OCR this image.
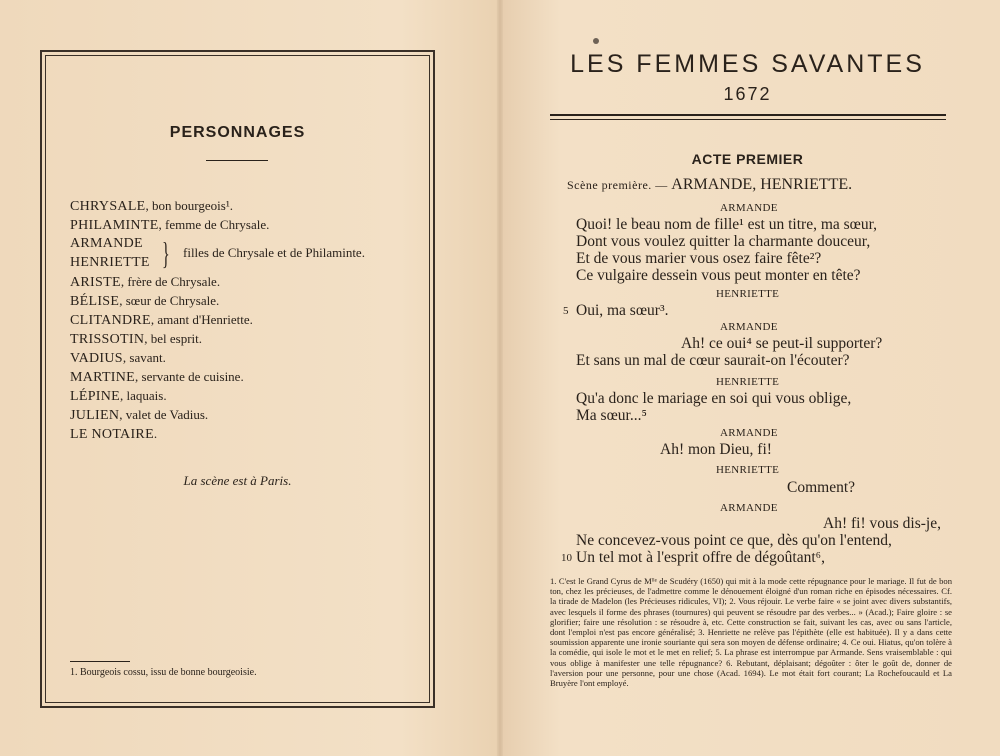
PERSONNAGES
CHRYSALE, bon bourgeois¹.
PHILAMINTE, femme de Chrysale.
ARMANDE
HENRIETTE } filles de Chrysale et de Philaminte.
ARISTE, frère de Chrysale.
BÉLISE, sœur de Chrysale.
CLITANDRE, amant d'Henriette.
TRISSOTIN, bel esprit.
VADIUS, savant.
MARTINE, servante de cuisine.
LÉPINE, laquais.
JULIEN, valet de Vadius.
LE NOTAIRE.
La scène est à Paris.
1. Bourgeois cossu, issu de bonne bourgeoisie.
LES FEMMES SAVANTES
1672
ACTE PREMIER
Scène première. — ARMANDE, HENRIETTE.
ARMANDE
Quoi! le beau nom de fille¹ est un titre, ma sœur,
Dont vous voulez quitter la charmante douceur,
Et de vous marier vous osez faire fête²?
Ce vulgaire dessein vous peut monter en tête?
HENRIETTE
5 Oui, ma sœur³.
ARMANDE
Ah! ce oui⁴ se peut-il supporter?
Et sans un mal de cœur saurait-on l'écouter?
HENRIETTE
Qu'a donc le mariage en soi qui vous oblige,
Ma sœur...⁵
ARMANDE
Ah! mon Dieu, fi!
HENRIETTE
Comment?
ARMANDE
Ah! fi! vous dis-je,
Ne concevez-vous point ce que, dès qu'on l'entend,
10 Un tel mot à l'esprit offre de dégoûtant⁶,

1. C'est le Grand Cyrus de Mˡˡᵉ de Scudéry (1650) qui mit à la mode cette répugnance pour le mariage. Il fut de bon ton, chez les précieuses, de l'admettre comme le dénouement éloigné d'un roman riche en épisodes nécessaires. Cf. la tirade de Madelon (les Précieuses ridicules, VI); 2. Vous réjouir. Le verbe faire « se joint avec divers substantifs, avec lesquels il forme des phrases (tournures) qui peuvent se résoudre par des verbes... » (Acad.); Faire gloire : se glorifier; faire une résolution : se résoudre à, etc. Cette construction se fait, suivant les cas, avec ou sans l'article, dont l'emploi n'est pas encore généralisé; 3. Henriette ne relève pas l'épithète (elle est habituée). Il y a dans cette soumission apparente une ironie souriante qui sera son moyen de défense ordinaire; 4. Ce oui. Hiatus, qu'on tolère à la comédie, qui isole le mot et le met en relief; 5. La phrase est interrompue par Armande. Sens vraisemblable : qui vous oblige à manifester une telle répugnance? 6. Rebutant, déplaisant; dégoûter : ôter le goût de, donner de l'aversion pour une personne, pour une chose (Acad. 1694). Le mot était fort courant; La Rochefoucauld et La Bruyère l'ont employé.
